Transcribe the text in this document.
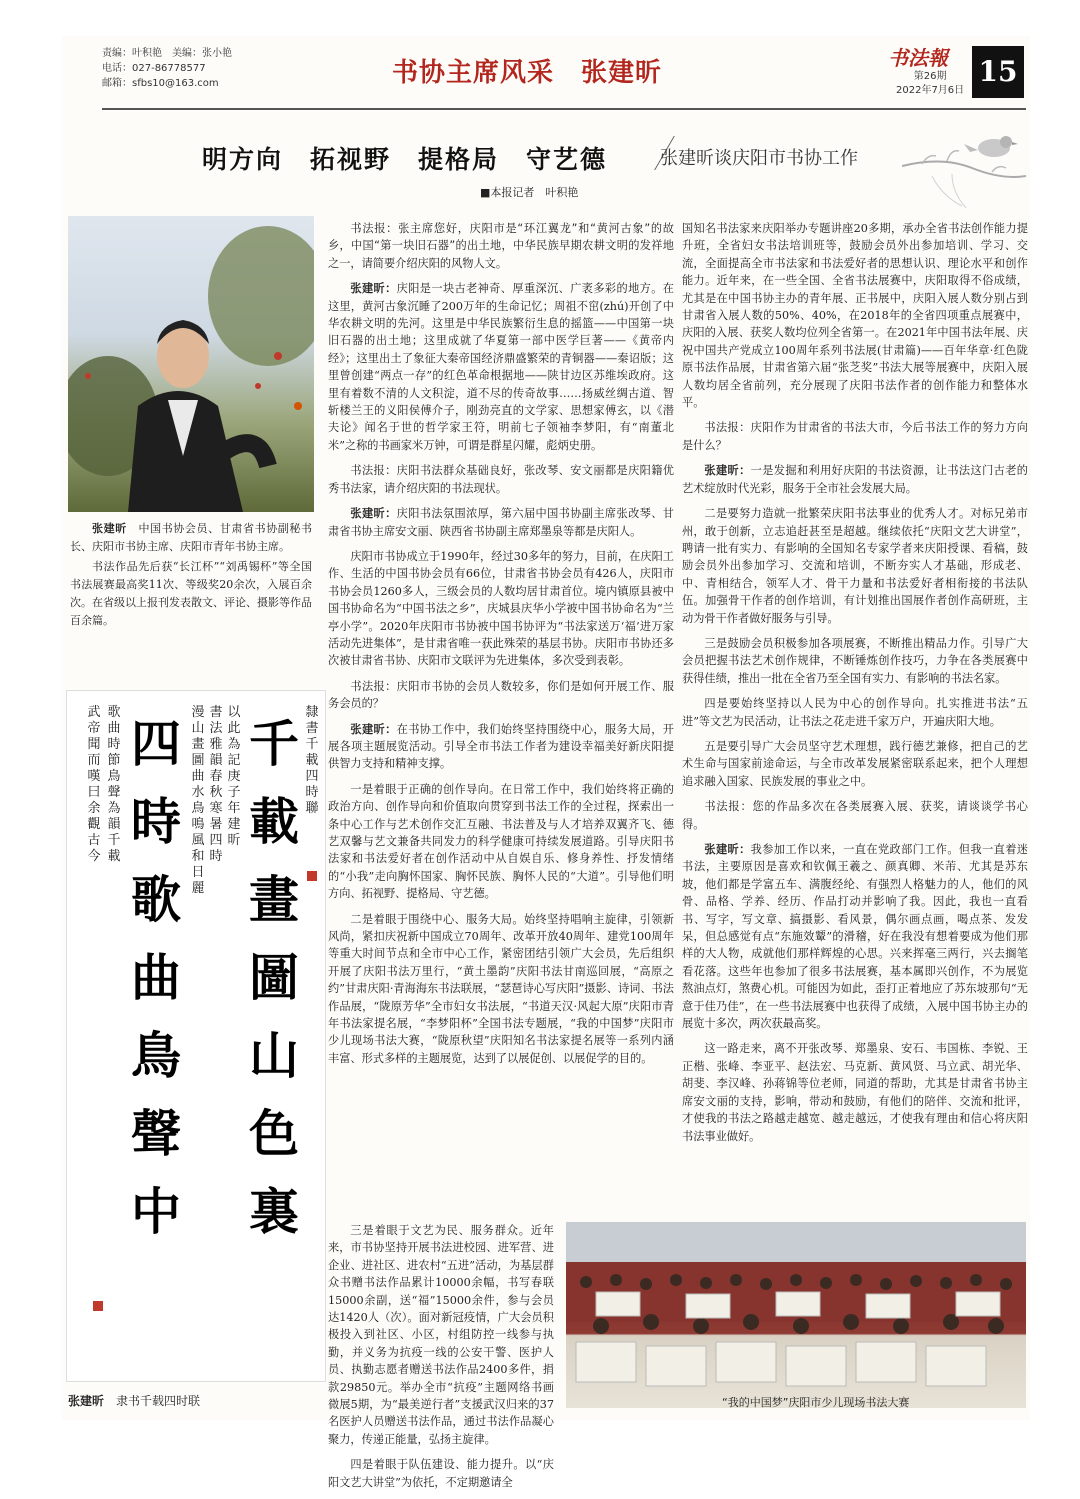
责编：叶积艳　美编：张小艳
电话：027-86778577
邮箱：sfbs10@163.com	书协主席风采　张建昕	书法報
第26期
2022年7月6日
15
明方向　拓视野　提格局　守艺德	张建昕谈庆阳市书协工作
■本报记者　叶积艳

张建昕　 中国书协会员、甘肃省书协副秘书长、庆阳市书协主席、庆阳市青年书协主席。

书法作品先后获“长江杯”“刘禹锡杯”等全国书法展赛最高奖11次、等级奖20余次，入展百余次。在省级以上报刊发表散文、评论、摄影等作品百余篇。

武帝聞而嘆曰余觀古今
歌曲時節鳥聲為韻千載
四時歌曲鳥聲中
漫山畫圖曲水鳥鳴風和日麗
書法雅韻春秋寒暑四時
以此為記庚子年建昕
千載畫圖山色裏
隸書千載四時聯
张建昕　 隶书千载四时联

书法报：张主席您好，庆阳市是“环江翼龙”和“黄河古象”的故乡，中国“第一块旧石器”的出土地，中华民族早期农耕文明的发祥地之一，请简要介绍庆阳的风物人文。

张建昕：庆阳是一块古老神奇、厚重深沉、广袤多彩的地方。在这里，黄河古象沉睡了200万年的生命记忆；周祖不窋(zhú)开创了中华农耕文明的先河。这里是中华民族繁衍生息的摇篮——中国第一块旧石器的出土地；这里成就了华夏第一部中医学巨著——《黄帝内经》；这里出土了象征大秦帝国经济鼎盛繁荣的青铜器——秦诏版；这里曾创建“两点一存”的红色革命根据地——陕甘边区苏维埃政府。这里有着数不清的人文积淀，道不尽的传奇故事……扬威丝绸古道、智斩楼兰王的义阳侯傅介子，刚劲亮直的文学家、思想家傅玄，以《潜夫论》闻名于世的哲学家王符，明前七子领袖李梦阳，有“南董北米”之称的书画家米万钟，可谓是群星闪耀，彪炳史册。

书法报：庆阳书法群众基础良好，张改琴、安文丽都是庆阳籍优秀书法家，请介绍庆阳的书法现状。

张建昕：庆阳书法氛围浓厚，第六届中国书协副主席张改琴、甘肃省书协主席安文丽、陕西省书协副主席郑墨泉等都是庆阳人。

庆阳市书协成立于1990年，经过30多年的努力，目前，在庆阳工作、生活的中国书协会员有66位，甘肃省书协会员有426人，庆阳市书协会员1260多人，三级会员的人数均居甘肃首位。境内镇原县被中国书协命名为“中国书法之乡”，庆城县庆华小学被中国书协命名为“兰亭小学”。2020年庆阳市书协被中国书协评为“书法家送万‘福’进万家活动先进集体”，是甘肃省唯一获此殊荣的基层书协。庆阳市书协还多次被甘肃省书协、庆阳市文联评为先进集体，多次受到表彰。

书法报：庆阳市书协的会员人数较多，你们是如何开展工作、服务会员的？

张建昕：在书协工作中，我们始终坚持围绕中心，服务大局，开展各项主题展览活动。引导全市书法工作者为建设幸福美好新庆阳提供智力支持和精神支撑。

一是着眼于正确的创作导向。在日常工作中，我们始终将正确的政治方向、创作导向和价值取向贯穿到书法工作的全过程，探索出一条中心工作与艺术创作交汇互融、书法普及与人才培养双翼齐飞、德艺双馨与艺文兼备共同发力的科学健康可持续发展道路。引导庆阳书法家和书法爱好者在创作活动中从自娱自乐、修身养性、抒发情绪的“小我”走向胸怀国家、胸怀民族、胸怀人民的“大道”。引导他们明方向、拓视野、提格局、守艺德。

二是着眼于围绕中心、服务大局。始终坚持唱响主旋律，引领新风尚，紧扣庆祝新中国成立70周年、改革开放40周年、建党100周年等重大时间节点和全市中心工作，紧密团结引领广大会员，先后组织开展了庆阳书法万里行，“黄土墨韵”庆阳书法甘南巡回展，“高原之约”甘肃庆阳·青海海东书法联展，“瑟琶诗心写庆阳”摄影、诗词、书法作品展，“陇原芳华”全市妇女书法展，“书道天汉·风起大原”庆阳市青年书法家提名展，“李梦阳杯”全国书法专题展，“我的中国梦”庆阳市少儿现场书法大赛，“陇原秋望”庆阳知名书法家提名展等一系列内涵丰富、形式多样的主题展览，达到了以展促创、以展促学的目的。

三是着眼于文艺为民、服务群众。近年来，市书协坚持开展书法进校园、进军营、进企业、进社区、进农村“五进”活动，为基层群众书赠书法作品累计10000余幅，书写春联15000余副，送“福”15000余件，参与会员达1420人（次）。面对新冠疫情，广大会员积极投入到社区、小区，村组防控一线参与执勤，并义务为抗疫一线的公安干警、医护人员、执勤志愿者赠送书法作品2400多件，捐款29850元。举办全市“抗疫”主题网络书画微展5期，为“最美逆行者”支援武汉归来的37名医护人员赠送书法作品，通过书法作品凝心聚力，传递正能量，弘扬主旋律。

四是着眼于队伍建设、能力提升。以“庆阳文艺大讲堂”为依托，不定期邀请全

国知名书法家来庆阳举办专题讲座20多期，承办全省书法创作能力提升班，全省妇女书法培训班等，鼓励会员外出参加培训、学习、交流，全面提高全市书法家和书法爱好者的思想认识、理论水平和创作能力。近年来，在一些全国、全省书法展赛中，庆阳取得不俗成绩，尤其是在中国书协主办的青年展、正书展中，庆阳入展人数分别占到甘肃省入展人数的50%、40%，在2018年的全省四项重点展赛中，庆阳的入展、获奖人数均位列全省第一。在2021年中国书法年展、庆祝中国共产党成立100周年系列书法展(甘肃篇)——百年华章·红色陇原书法作品展，甘肃省第六届“张芝奖”书法大展等展赛中，庆阳入展人数均居全省前列，充分展现了庆阳书法作者的创作能力和整体水平。

书法报：庆阳作为甘肃省的书法大市，今后书法工作的努力方向是什么？

张建昕：一是发掘和利用好庆阳的书法资源，让书法这门古老的艺术绽放时代光彩，服务于全市社会发展大局。

二是要努力造就一批繁荣庆阳书法事业的优秀人才。对标兄弟市州，敢于创新，立志追赶甚至是超越。继续依托“庆阳文艺大讲堂”，聘请一批有实力、有影响的全国知名专家学者来庆阳授课、看稿，鼓励会员外出参加学习、交流和培训，不断夯实人才基础，形成老、中、青相结合，领军人才、骨干力量和书法爱好者相衔接的书法队伍。加强骨干作者的创作培训，有计划推出国展作者创作高研班，主动为骨干作者做好服务与引导。

三是鼓励会员积极参加各项展赛，不断推出精品力作。引导广大会员把握书法艺术创作规律，不断锤炼创作技巧，力争在各类展赛中获得佳绩，推出一批在全省乃至全国有实力、有影响的书法名家。

四是要始终坚持以人民为中心的创作导向。扎实推进书法“五进”等文艺为民活动，让书法之花走进千家万户，开遍庆阳大地。

五是要引导广大会员坚守艺术理想，践行德艺兼修，把自己的艺术生命与国家前途命运，与全市改革发展紧密联系起来，把个人理想追求融入国家、民族发展的事业之中。

书法报：您的作品多次在各类展赛入展、获奖，请谈谈学书心得。

张建昕：我参加工作以来，一直在党政部门工作。但我一直着迷书法，主要原因是喜欢和钦佩王羲之、颜真卿、米芾、尤其是苏东坡，他们都是学富五车、满腹经纶、有强烈人格魅力的人，他们的风骨、品格、学养、经历、作品打动并影响了我。因此，我也一直看书、写字，写文章、搞摄影、看风景，偶尔画点画，喝点茶、发发呆，但总感觉有点“东施效颦”的滑稽，好在我没有想着要成为他们那样的大人物，成就他们那样辉煌的心思。兴来挥毫三两行，兴去搁笔看花落。这些年也参加了很多书法展赛，基本属即兴创作，不为展览熬油点灯，煞费心机。可能因为如此，歪打正着地应了苏东坡那句“无意于佳乃佳”，在一些书法展赛中也获得了成绩，入展中国书协主办的展览十多次，两次获最高奖。

这一路走来，离不开张改琴、郑墨泉、安石、韦国栋、李锐、王正楷、张峰、李亚平、赵法宏、马克新、黄风贤、马立武、胡光华、胡斐、李汉峰、孙蒋锦等位老师，同道的帮助，尤其是甘肃省书协主席安文丽的支持，影响，带动和鼓励，有他们的陪伴、交流和批评，才使我的书法之路越走越宽、越走越远，才使我有理由和信心将庆阳书法事业做好。

“我的中国梦”庆阳市少儿现场书法大赛
